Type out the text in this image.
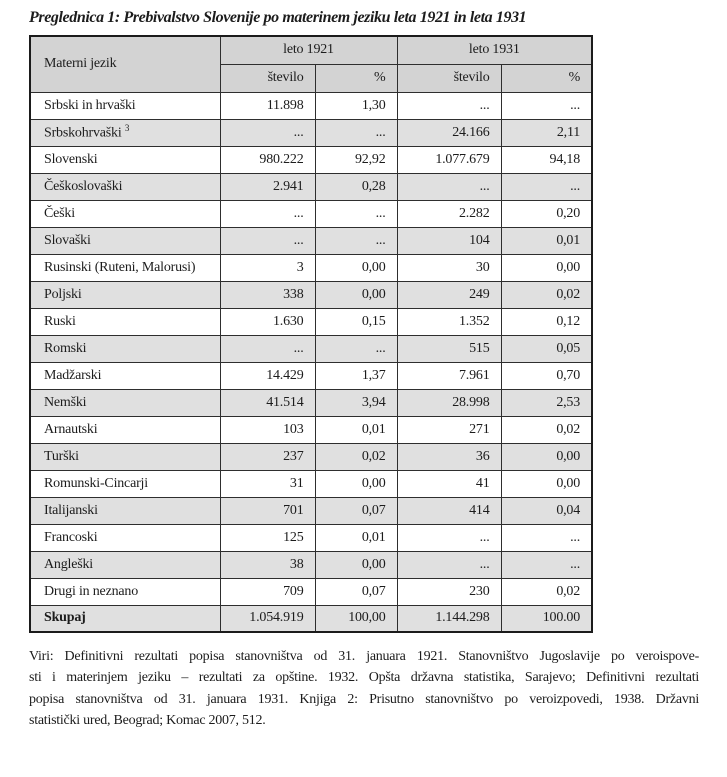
Preglednica 1: Prebivalstvo Slovenije po materinem jeziku leta 1921 in leta 1931
Materni jezik	leto 1921		leto 1931	
	število	%	število	%
Srbski in hrvaški	11.898	1,30	...	...
Srbskohrvaški $^3$	...	...	24.166	2,11
Slovenski	980.222	92,92	1.077.679	94,18
Češkoslovaški	2.941	0,28	...	...
Češki	...	...	2.282	0,20
Slovaški	...	...	104	0,01
Rusinski (Ruteni, Malorusi)	3	0,00	30	0,00
Poljski	338	0,00	249	0,02
Ruski	1.630	0,15	1.352	0,12
Romski	...	...	515	0,05
Madžarski	14.429	1,37	7.961	0,70
Nemški	41.514	3,94	28.998	2,53
Arnautski	103	0,01	271	0,02
Turški	237	0,02	36	0,00
Romunski-Cincarji	31	0,00	41	0,00
Italijanski	701	0,07	414	0,04
Francoski	125	0,01	...	...
Angleški	38	0,00	...	...
Drugi in neznano	709	0,07	230	0,02
Skupaj	1.054.919	100,00	1.144.298	100.00
Viri: Definitivni rezultati popisa stanovništva od 31. januara 1921. Stanovništvo Jugoslavije po veroispove-
sti i materinjem jeziku – rezultati za opštine. 1932. Opšta državna statistika, Sarajevo; Definitivni rezultati
popisa stanovništva od 31. januara 1931. Knjiga 2: Prisutno stanovništvo po veroizpovedi, 1938. Državni
statistički ured, Beograd; Komac 2007, 512.
